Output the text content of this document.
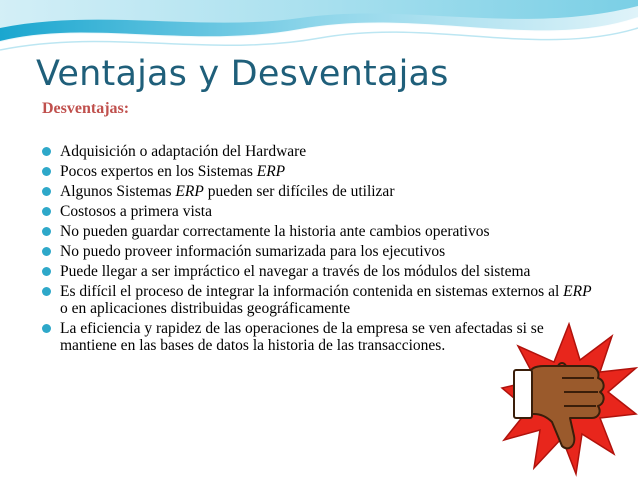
Ventajas y Desventajas
Desventajas:
Adquisición o adaptación del Hardware
Pocos expertos en los Sistemas ERP
Algunos Sistemas ERP pueden ser difíciles de utilizar
Costosos a primera vista
No pueden guardar correctamente la historia ante cambios operativos
No puedo proveer información sumarizada para los ejecutivos
Puede llegar a ser impráctico el navegar a través de los módulos del sistema
Es difícil el proceso de integrar la información contenida en sistemas externos al ERP o en aplicaciones distribuidas geográficamente
La eficiencia y rapidez de las operaciones de la empresa se ven afectadas si se mantiene en las bases de datos la historia de las transacciones.
